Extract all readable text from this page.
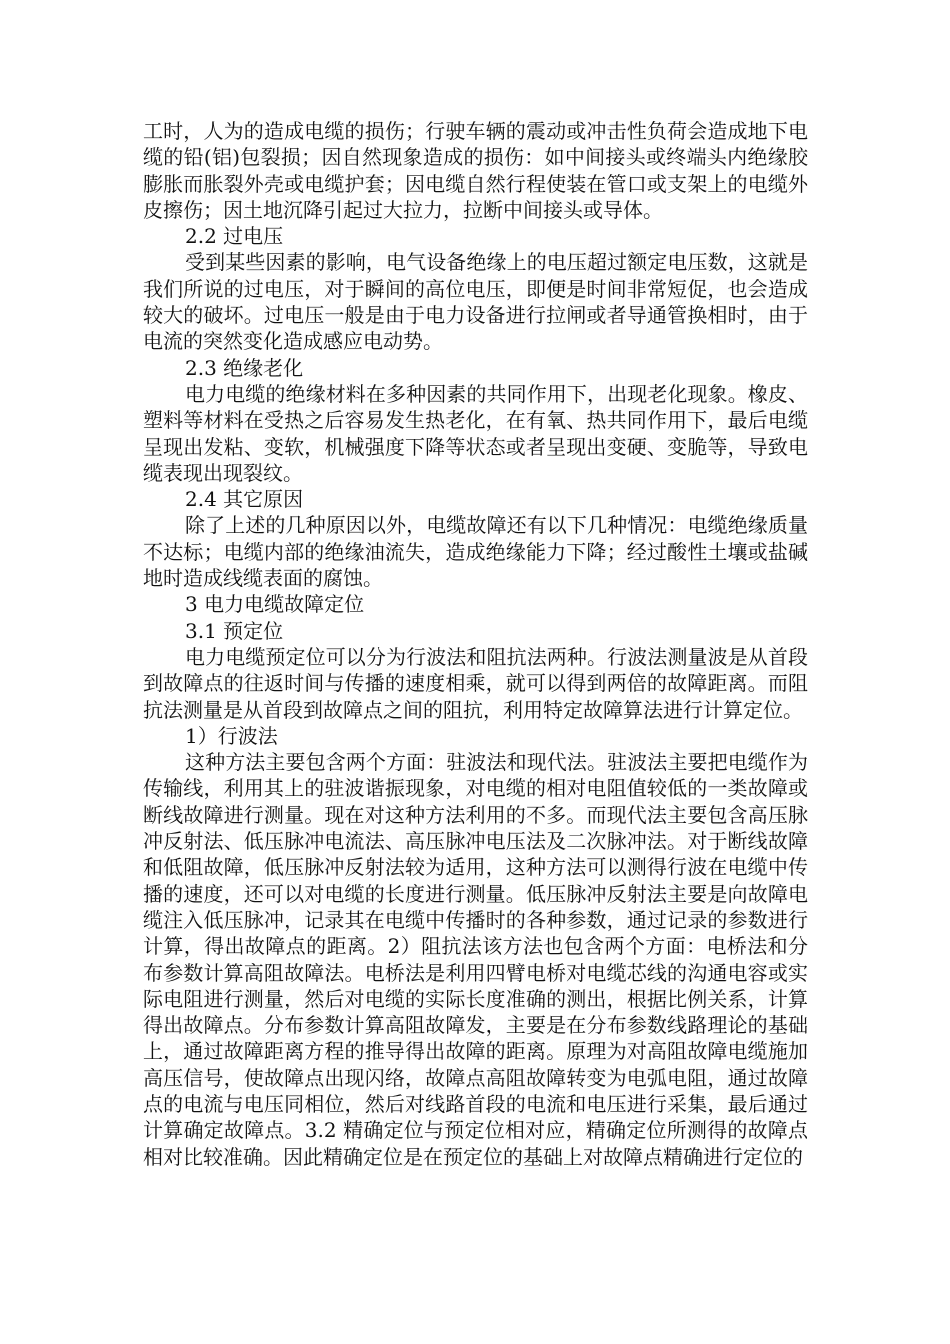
工时，人为的造成电缆的损伤；行驶车辆的震动或冲击性负荷会造成地下电缆的铅(铝)包裂损；因自然现象造成的损伤：如中间接头或终端头内绝缘胶膨胀而胀裂外壳或电缆护套；因电缆自然行程使装在管口或支架上的电缆外皮擦伤；因土地沉降引起过大拉力，拉断中间接头或导体。

2.2 过电压

受到某些因素的影响，电气设备绝缘上的电压超过额定电压数，这就是我们所说的过电压，对于瞬间的高位电压，即便是时间非常短促，也会造成较大的破坏。过电压一般是由于电力设备进行拉闸或者导通管换相时，由于电流的突然变化造成感应电动势。

2.3 绝缘老化

电力电缆的绝缘材料在多种因素的共同作用下，出现老化现象。橡皮、塑料等材料在受热之后容易发生热老化，在有氧、热共同作用下，最后电缆呈现出发粘、变软，机械强度下降等状态或者呈现出变硬、变脆等，导致电缆表现出现裂纹。

2.4 其它原因

除了上述的几种原因以外，电缆故障还有以下几种情况：电缆绝缘质量不达标；电缆内部的绝缘油流失，造成绝缘能力下降；经过酸性土壤或盐碱地时造成线缆表面的腐蚀。

3 电力电缆故障定位

3.1 预定位

电力电缆预定位可以分为行波法和阻抗法两种。行波法测量波是从首段到故障点的往返时间与传播的速度相乘，就可以得到两倍的故障距离。而阻抗法测量是从首段到故障点之间的阻抗，利用特定故障算法进行计算定位。

1）行波法

这种方法主要包含两个方面：驻波法和现代法。驻波法主要把电缆作为传输线，利用其上的驻波谐振现象，对电缆的相对电阻值较低的一类故障或断线故障进行测量。现在对这种方法利用的不多。而现代法主要包含高压脉冲反射法、低压脉冲电流法、高压脉冲电压法及二次脉冲法。对于断线故障和低阻故障，低压脉冲反射法较为适用，这种方法可以测得行波在电缆中传播的速度，还可以对电缆的长度进行测量。低压脉冲反射法主要是向故障电缆注入低压脉冲，记录其在电缆中传播时的各种参数，通过记录的参数进行计算，得出故障点的距离。2）阻抗法该方法也包含两个方面：电桥法和分布参数计算高阻故障法。电桥法是利用四臂电桥对电缆芯线的沟通电容或实际电阻进行测量，然后对电缆的实际长度准确的测出，根据比例关系，计算得出故障点。分布参数计算高阻故障发，主要是在分布参数线路理论的基础上，通过故障距离方程的推导得出故障的距离。原理为对高阻故障电缆施加高压信号，使故障点出现闪络，故障点高阻故障转变为电弧电阻，通过故障点的电流与电压同相位，然后对线路首段的电流和电压进行采集，最后通过计算确定故障点。3.2 精确定位与预定位相对应，精确定位所测得的故障点相对比较准确。因此精确定位是在预定位的基础上对故障点精确进行定位的
